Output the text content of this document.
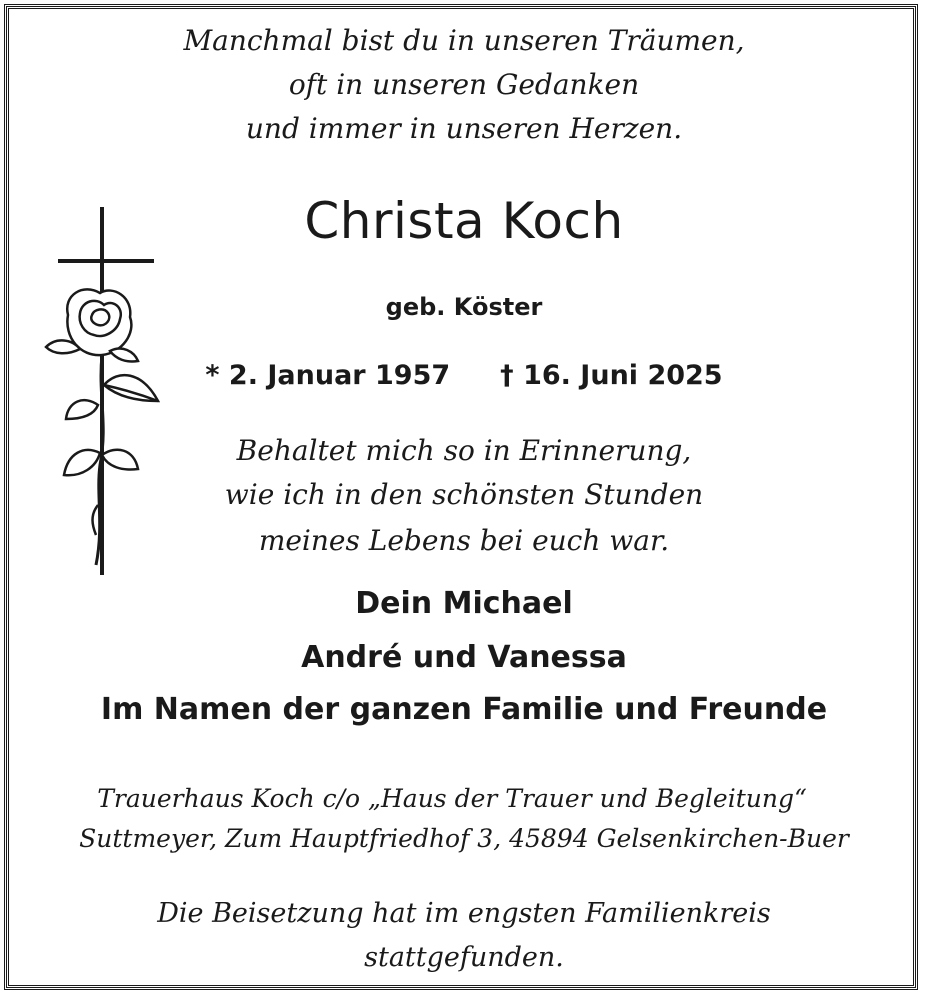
Manchmal bist du in unseren Träumen,

oft in unseren Gedanken

und immer in unseren Herzen.

Christa Koch

geb. Köster

* 2. Januar 1957 † 16. Juni 2025

Behaltet mich so in Erinnerung,

wie ich in den schönsten Stunden

meines Lebens bei euch war.

Dein Michael

André und Vanessa

Im Namen der ganzen Familie und Freunde

Trauerhaus Koch c/o „Haus der Trauer und Begleitung“

Suttmeyer, Zum Hauptfriedhof 3, 45894 Gelsenkirchen-Buer

Die Beisetzung hat im engsten Familienkreis

stattgefunden.
